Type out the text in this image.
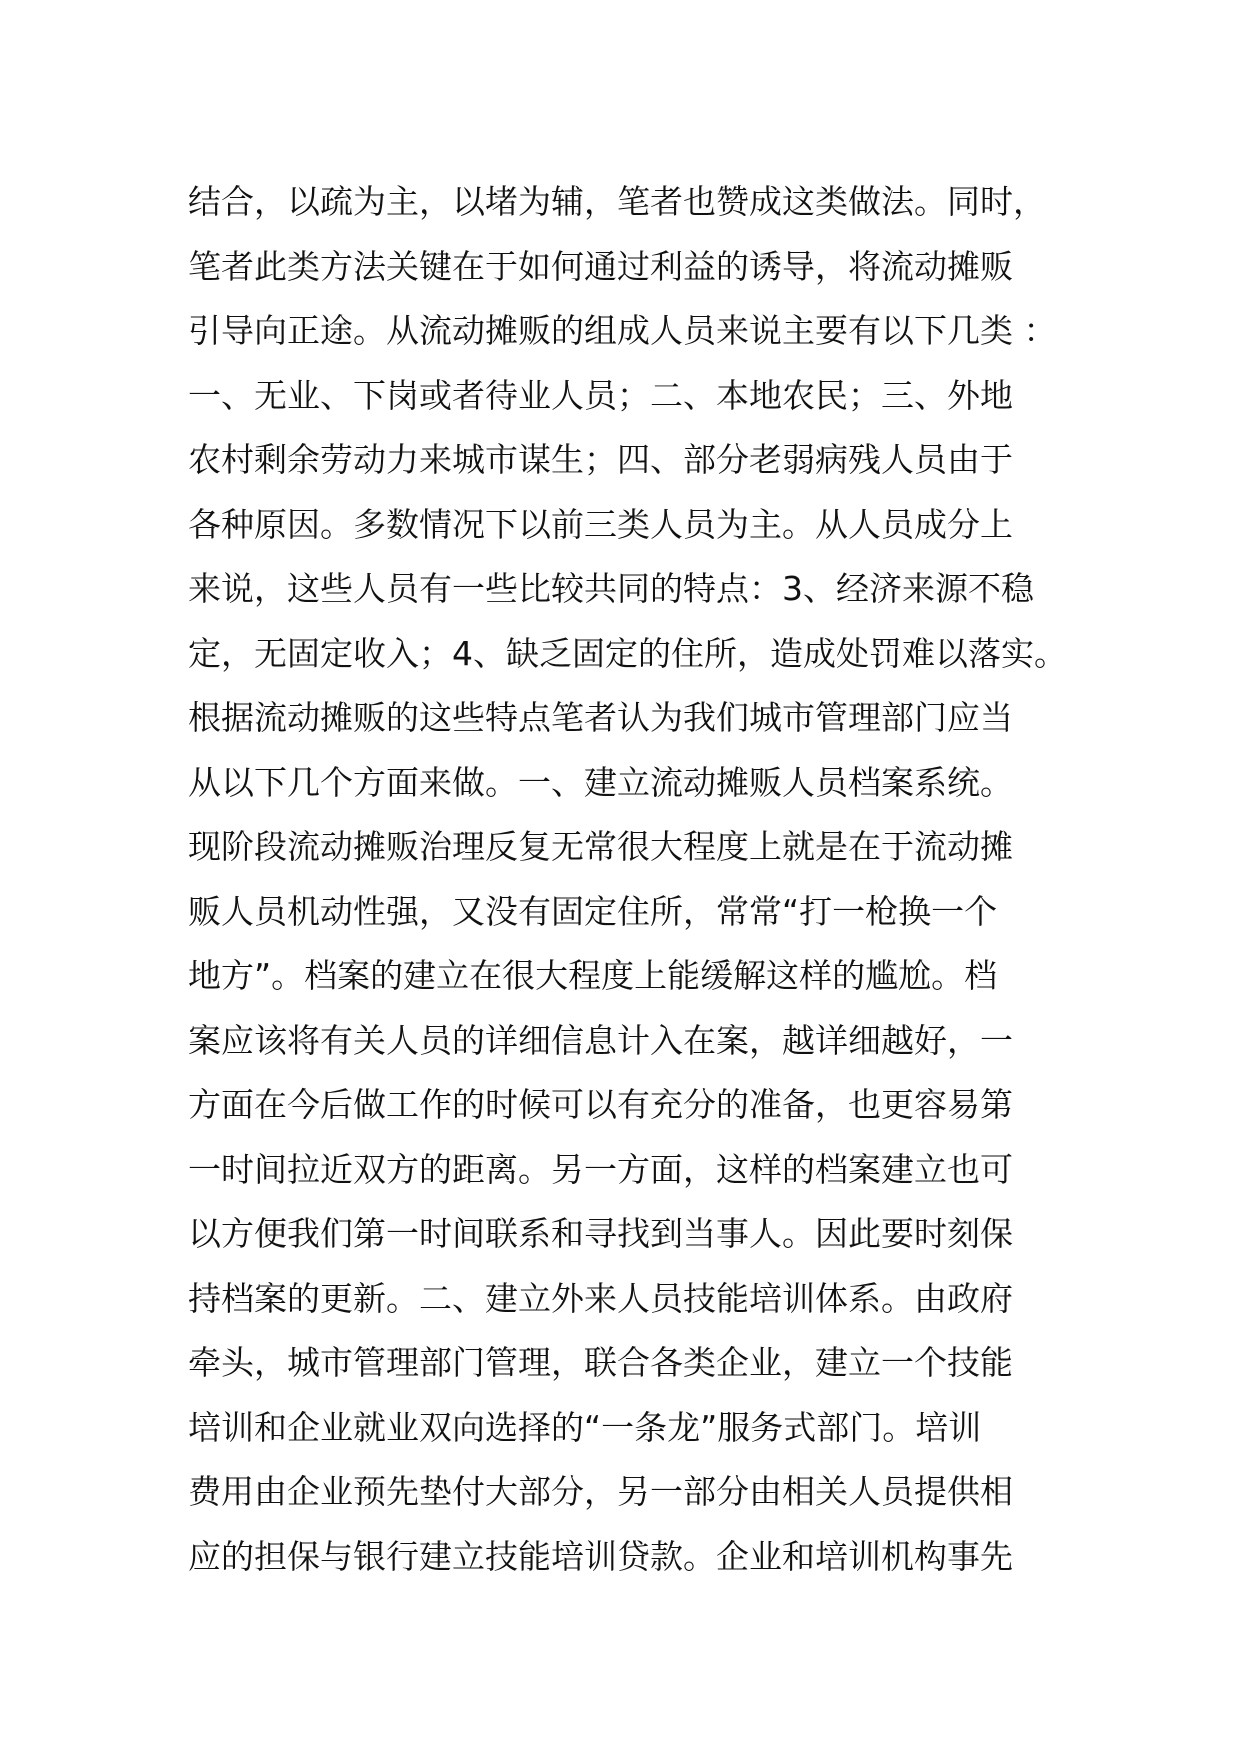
结合，以疏为主，以堵为辅，笔者也赞成这类做法。同时，
笔者此类方法关键在于如何通过利益的诱导，将流动摊贩
引导向正途。从流动摊贩的组成人员来说主要有以下几类 ：
一、无业、下岗或者待业人员；二、本地农民；三、外地
农村剩余劳动力来城市谋生；四、部分老弱病残人员由于
各种原因。多数情况下以前三类人员为主。从人员成分上
来说，这些人员有一些比较共同的特点：3、经济来源不稳
定，无固定收入；4、缺乏固定的住所，造成处罚难以落实。
根据流动摊贩的这些特点笔者认为我们城市管理部门应当
从以下几个方面来做。一、建立流动摊贩人员档案系统。
现阶段流动摊贩治理反复无常很大程度上就是在于流动摊
贩人员机动性强，又没有固定住所，常常“打一枪换一个
地方”。档案的建立在很大程度上能缓解这样的尴尬。档
案应该将有关人员的详细信息计入在案，越详细越好，一
方面在今后做工作的时候可以有充分的准备，也更容易第
一时间拉近双方的距离。另一方面，这样的档案建立也可
以方便我们第一时间联系和寻找到当事人。因此要时刻保
持档案的更新。二、建立外来人员技能培训体系。由政府
牵头，城市管理部门管理，联合各类企业，建立一个技能
培训和企业就业双向选择的“一条龙”服务式部门。培训
费用由企业预先垫付大部分，另一部分由相关人员提供相
应的担保与银行建立技能培训贷款。企业和培训机构事先
